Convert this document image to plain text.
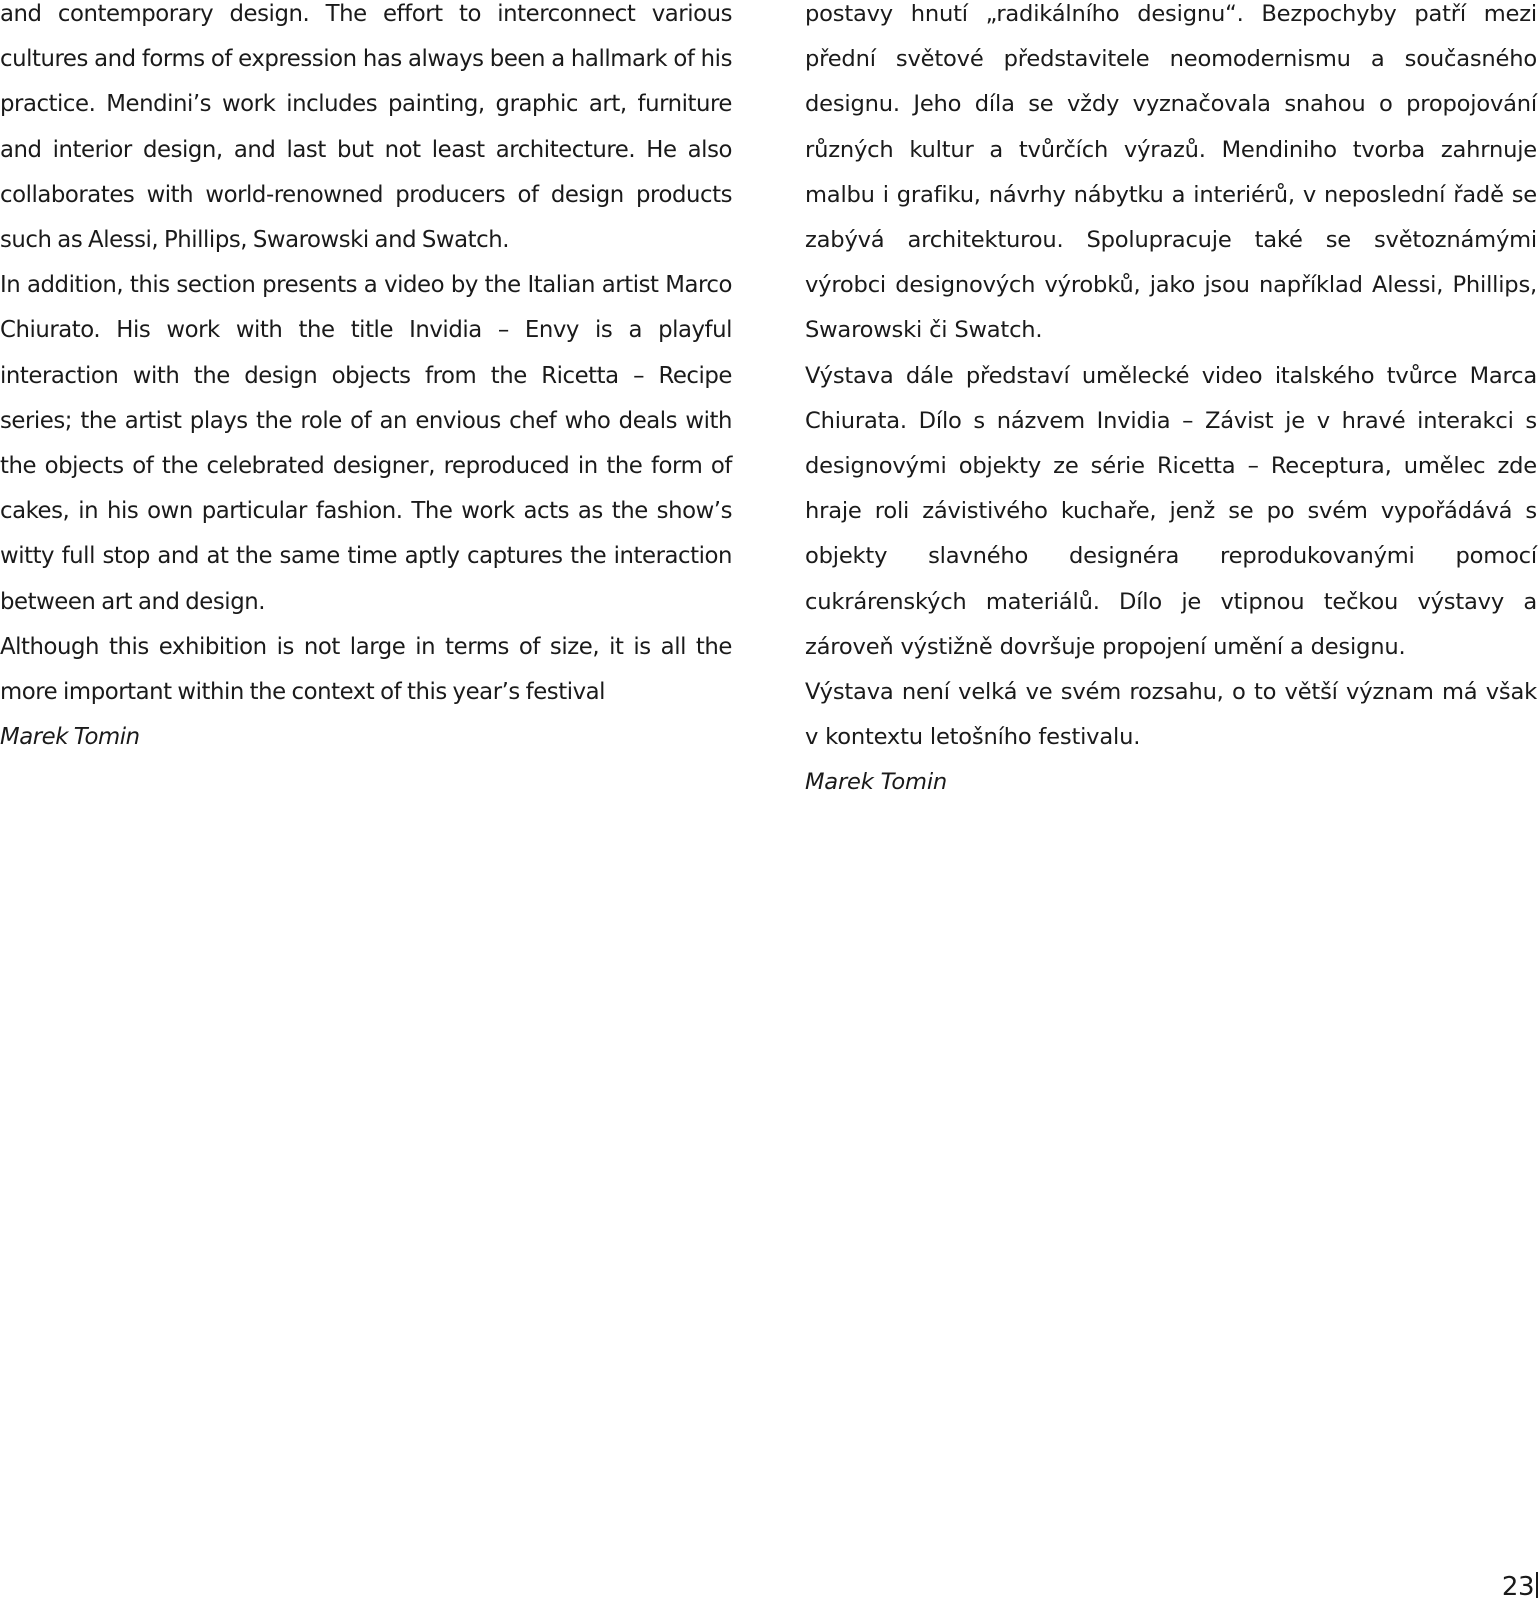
and contemporary design. The effort to interconnect various cultures and forms of expression has always been a hallmark of his practice. Mendini’s work includes painting, graphic art, furniture and interior design, and last but not least architecture. He also collaborates with world-renowned producers of design products such as Alessi, Phillips, Swarowski and Swatch.

In addition, this section presents a video by the Italian artist Marco Chiurato. His work with the title Invidia – Envy is a playful interaction with the design objects from the Ricetta – Recipe series; the artist plays the role of an envious chef who deals with the objects of the celebrated designer, reproduced in the form of cakes, in his own particular fashion. The work acts as the show’s witty full stop and at the same time aptly captures the interaction between art and design.

Although this exhibition is not large in terms of size, it is all the more important within the context of this year’s festival

Marek Tomin

postavy hnutí „radikálního designu“. Bezpochyby patří mezi přední světové představitele neomodernismu a současného designu. Jeho díla se vždy vyznačovala snahou o propojování různých kultur a tvůrčích výrazů. Mendiniho tvorba zahrnuje malbu i grafiku, návrhy nábytku a interiérů, v neposlední řadě se zabývá architekturou. Spolupracuje také se světoznámými výrobci designových výrobků, jako jsou například Alessi, Phillips, Swarowski či Swatch.

Výstava dále představí umělecké video italského tvůrce Marca Chiurata. Dílo s názvem Invidia – Závist je v hravé interakci s designovými objekty ze série Ricetta – Receptura, umělec zde hraje roli závistivého kuchaře, jenž se po svém vypořádává s objekty slavného designéra reprodukovanými pomocí cukrárenských materiálů. Dílo je vtipnou tečkou výstavy a zároveň výstižně dovršuje propojení umění a designu.

Výstava není velká ve svém rozsahu, o to větší význam má však v kontextu letošního festivalu.

Marek Tomin

23
